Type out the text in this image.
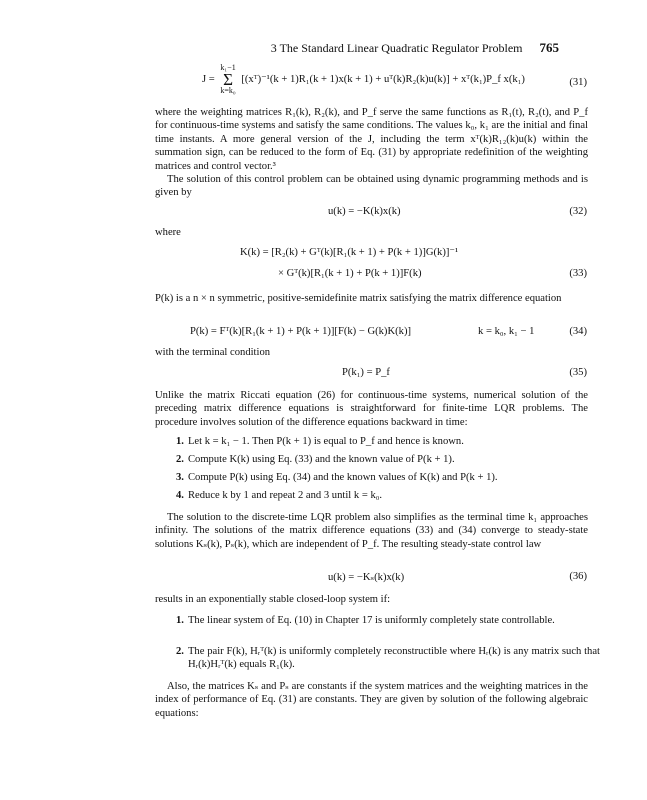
3 The Standard Linear Quadratic Regulator Problem 765
J = k₁−1
Σ
k=k₀ [(xᵀ)⁻¹(k + 1)R₁(k + 1)x(k + 1) + uᵀ(k)R₂(k)u(k)] + xᵀ(k₁)P_f x(k₁)	(31)
where the weighting matrices R₁(k), R₂(k), and P_f serve the same functions as R₁(t), R₂(t), and P_f for continuous-time systems and satisfy the same conditions. The values k₀, k₁ are the initial and final time instants. A more general version of the J, including the term xᵀ(k)R₁₂(k)u(k) within the summation sign, can be reduced to the form of Eq. (31) by appropriate redefinition of the weighting matrices and control vector.³
The solution of this control problem can be obtained using dynamic programming methods and is given by
u(k) = −K(k)x(k)	(32)
where
K(k) = [R₂(k) + Gᵀ(k)[R₁(k + 1) + P(k + 1)]G(k)]⁻¹
× Gᵀ(k)[R₁(k + 1) + P(k + 1)]F(k)	(33)
P(k) is a n × n symmetric, positive-semidefinite matrix satisfying the matrix difference equation
P(k) = Fᵀ(k)[R₁(k + 1) + P(k + 1)][F(k) − G(k)K(k)]	k = k₀, k₁ − 1	(34)
with the terminal condition
P(k₁) = P_f	(35)
Unlike the matrix Riccati equation (26) for continuous-time systems, numerical solution of the preceding matrix difference equations is straightforward for finite-time LQR problems. The procedure involves solution of the difference equations backward in time:
1. Let k = k₁ − 1. Then P(k + 1) is equal to P_f and hence is known.
2. Compute K(k) using Eq. (33) and the known value of P(k + 1).
3. Compute P(k) using Eq. (34) and the known values of K(k) and P(k + 1).
4. Reduce k by 1 and repeat 2 and 3 until k = k₀.
The solution to the discrete-time LQR problem also simplifies as the terminal time k₁ approaches infinity. The solutions of the matrix difference equations (33) and (34) converge to steady-state solutions Kₛ(k), Pₛ(k), which are independent of P_f. The resulting steady-state control law
u(k) = −Kₛ(k)x(k)	(36)
results in an exponentially stable closed-loop system if:
1. The linear system of Eq. (10) in Chapter 17 is uniformly completely state controllable.
2. The pair F(k), Hᵣᵀ(k) is uniformly completely reconstructible where Hᵣ(k) is any matrix such that Hᵣ(k)Hᵣᵀ(k) equals R₁(k).
Also, the matrices Kₛ and Pₛ are constants if the system matrices and the weighting matrices in the index of performance of Eq. (31) are constants. They are given by solution of the following algebraic equations:
